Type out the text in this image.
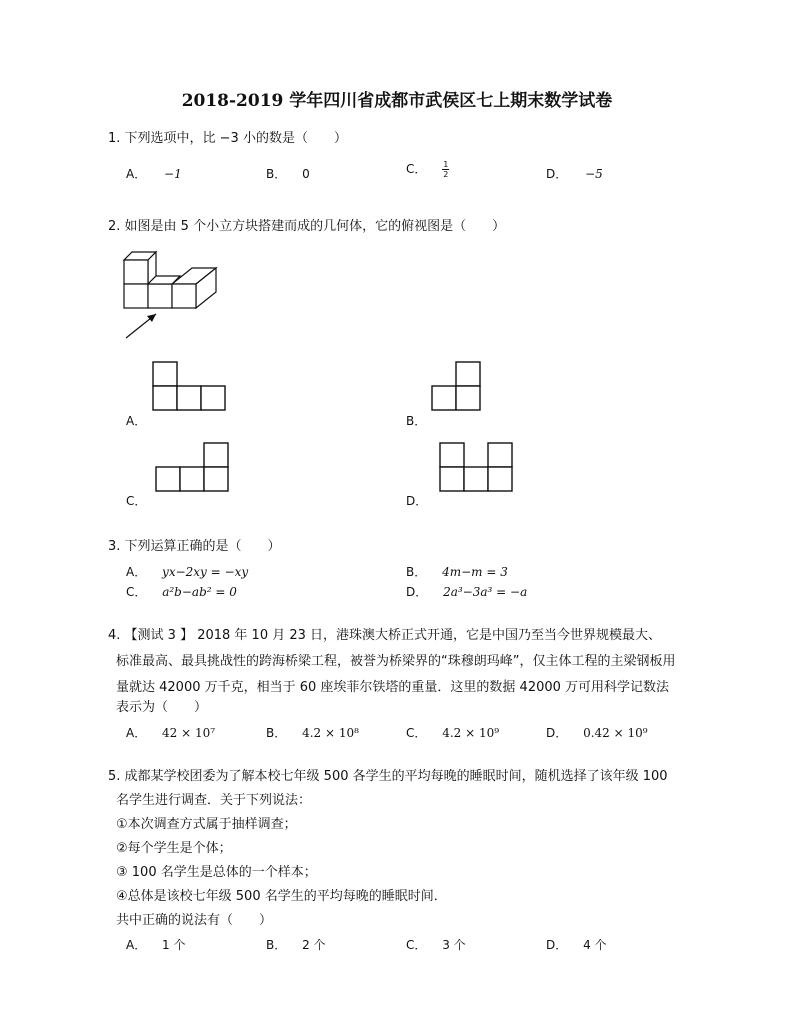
2018-2019 学年四川省成都市武侯区七上期末数学试卷
1. 下列选项中，比 −3 小的数是（　　）
A． −1	B． 0	C． $\frac{1}{2}$	D． −5
2. 如图是由 5 个小立方块搭建而成的几何体，它的俯视图是（　　）
A．	B．
C．	D．
3. 下列运算正确的是（　　）
A． yx−2xy = −xy	B． 4m−m = 3
C． a²b−ab² = 0	D． 2a³−3a³ = −a
4. 【测试 3 】 2018 年 10 月 23 日，港珠澳大桥正式开通，它是中国乃至当今世界规模最大、
标准最高、最具挑战性的跨海桥梁工程，被誉为桥梁界的“珠穆朗玛峰”，仅主体工程的主梁钢板用
量就达 42000 万千克，相当于 60 座埃菲尔铁塔的重量．这里的数据 42000 万可用科学记数法
表示为（　　）
A． 42 × 10⁷	B． 4.2 × 10⁸	C． 4.2 × 10⁹	D． 0.42 × 10⁹
5. 成都某学校团委为了解本校七年级 500 各学生的平均每晚的睡眠时间，随机选择了该年级 100
名学生进行调查．关于下列说法：
①本次调查方式属于抽样调查；
②每个学生是个体；
③ 100 名学生是总体的一个样本；
④总体是该校七年级 500 名学生的平均每晚的睡眠时间．
共中正确的说法有（　　）
A． 1 个	B． 2 个	C． 3 个	D． 4 个
